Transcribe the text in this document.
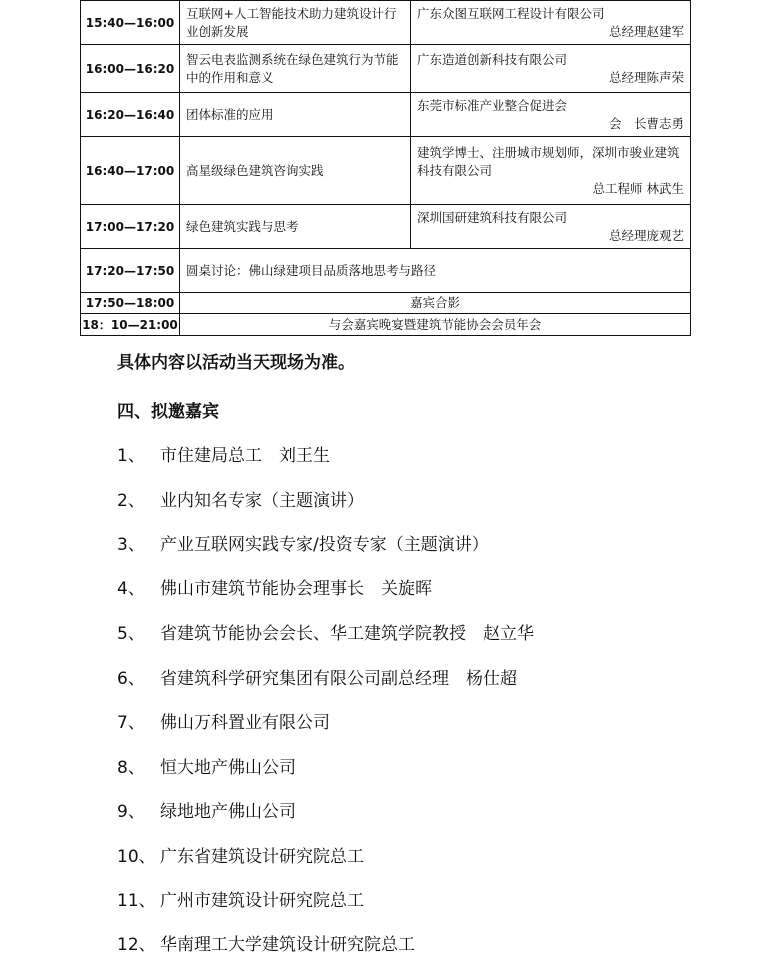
15:40—16:00	互联网+人工智能技术助力建筑设计行业创新发展	广东众图互联网工程设计有限公司
总经理赵建军

16:00—16:20	智云电表监测系统在绿色建筑行为节能中的作用和意义	广东造道创新科技有限公司
总经理陈声荣

16:20—16:40	团体标准的应用	东莞市标准产业整合促进会
会　长曹志勇

16:40—17:00	高星级绿色建筑咨询实践	建筑学博士、注册城市规划师，深圳市骏业建筑科技有限公司
总工程师 林武生

17:00—17:20	绿色建筑实践与思考	深圳国研建筑科技有限公司
总经理庞观艺

17:20—17:50	圆桌讨论：佛山绿建项目品质落地思考与路径	
17:50—18:00	嘉宾合影	
18：10—21:00	与会嘉宾晚宴暨建筑节能协会会员年会	
具体内容以活动当天现场为准。
四、拟邀嘉宾
1、 市住建局总工　刘王生
2、 业内知名专家（主题演讲）
3、 产业互联网实践专家/投资专家（主题演讲）
4、 佛山市建筑节能协会理事长　关旋晖
5、 省建筑节能协会会长、华工建筑学院教授　赵立华
6、 省建筑科学研究集团有限公司副总经理　杨仕超
7、 佛山万科置业有限公司
8、 恒大地产佛山公司
9、 绿地地产佛山公司
10、 广东省建筑设计研究院总工
11、 广州市建筑设计研究院总工
12、 华南理工大学建筑设计研究院总工
